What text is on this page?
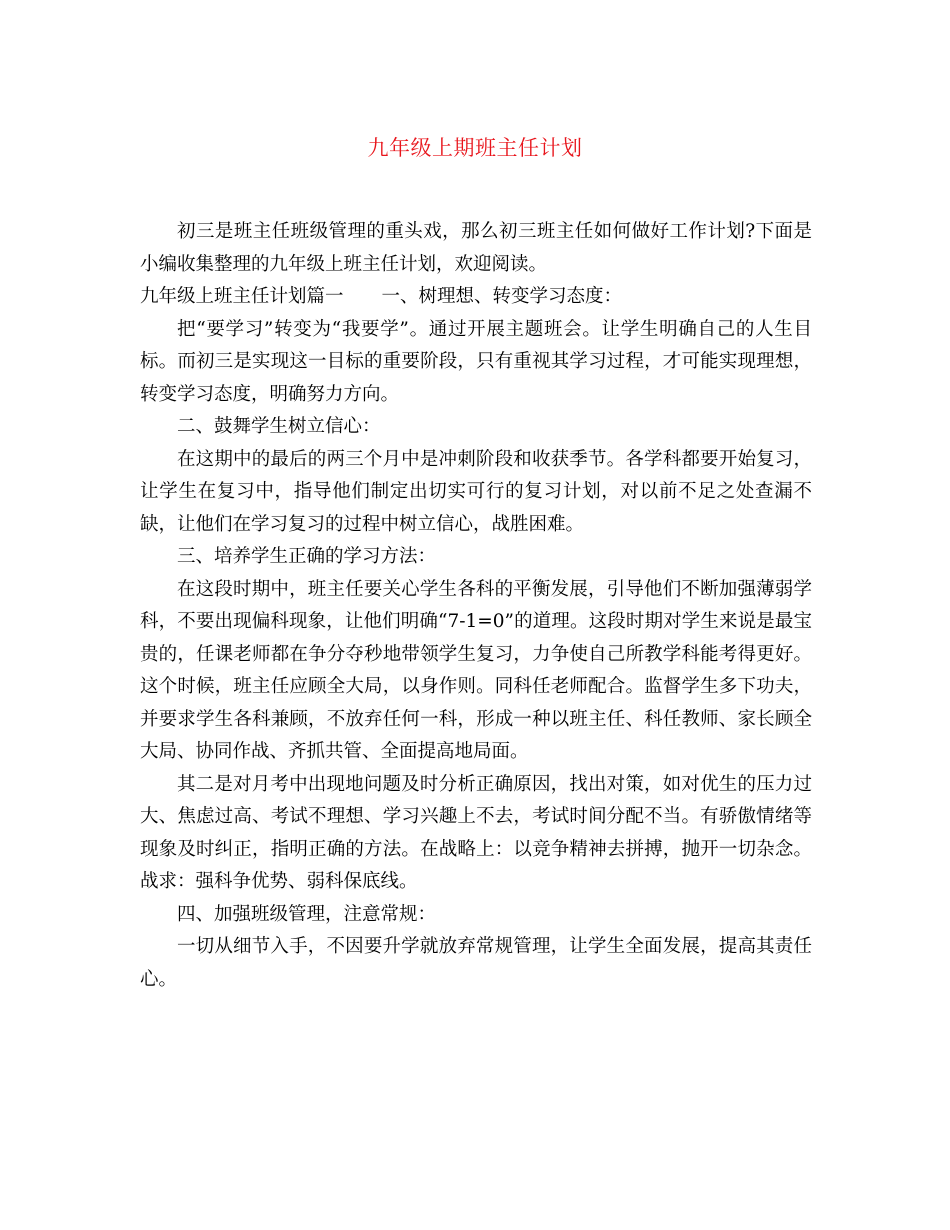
九年级上期班主任计划

初三是班主任班级管理的重头戏，那么初三班主任如何做好工作计划?下面是小编收集整理的九年级上班主任计划，欢迎阅读。

九年级上班主任计划篇一 一、树理想、转变学习态度：

把“要学习”转变为“我要学”。通过开展主题班会。让学生明确自己的人生目标。而初三是实现这一目标的重要阶段，只有重视其学习过程，才可能实现理想，转变学习态度，明确努力方向。

二、鼓舞学生树立信心：

在这期中的最后的两三个月中是冲刺阶段和收获季节。各学科都要开始复习，让学生在复习中，指导他们制定出切实可行的复习计划，对以前不足之处查漏不缺，让他们在学习复习的过程中树立信心，战胜困难。

三、培养学生正确的学习方法：

在这段时期中，班主任要关心学生各科的平衡发展，引导他们不断加强薄弱学科，不要出现偏科现象，让他们明确“7-1=0”的道理。这段时期对学生来说是最宝贵的，任课老师都在争分夺秒地带领学生复习，力争使自己所教学科能考得更好。这个时候，班主任应顾全大局，以身作则。同科任老师配合。监督学生多下功夫，并要求学生各科兼顾，不放弃任何一科，形成一种以班主任、科任教师、家长顾全大局、协同作战、齐抓共管、全面提高地局面。

其二是对月考中出现地问题及时分析正确原因，找出对策，如对优生的压力过大、焦虑过高、考试不理想、学习兴趣上不去，考试时间分配不当。有骄傲情绪等现象及时纠正，指明正确的方法。在战略上：以竞争精神去拼搏，抛开一切杂念。战求：强科争优势、弱科保底线。

四、加强班级管理，注意常规：

一切从细节入手，不因要升学就放弃常规管理，让学生全面发展，提高其责任心。
